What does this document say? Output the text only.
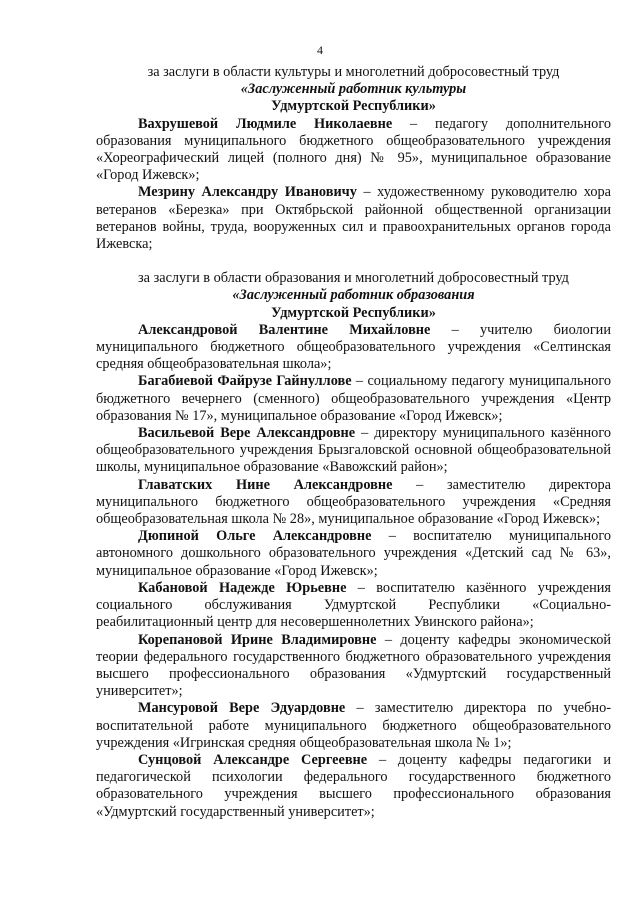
4
за заслуги в области культуры и многолетний добросовестный труд
«Заслуженный работник культуры
Удмуртской Республики»

Вахрушевой Людмиле Николаевне – педагогу дополнительного образования муниципального бюджетного общеобразовательного учреждения «Хореографический лицей (полного дня) № 95», муниципальное образование «Город Ижевск»;

Мезрину Александру Ивановичу – художественному руководителю хора ветеранов «Березка» при Октябрьской районной общественной организации ветеранов войны, труда, вооруженных сил и правоохранительных органов города Ижевска;

за заслуги в области образования и многолетний добросовестный труд
«Заслуженный работник образования
Удмуртской Республики»

Александровой Валентине Михайловне – учителю биологии муниципального бюджетного общеобразовательного учреждения «Селтинская средняя общеобразовательная школа»;

Багабиевой Файрузе Гайнуллове – социальному педагогу муниципального бюджетного вечернего (сменного) общеобразовательного учреждения «Центр образования № 17», муниципальное образование «Город Ижевск»;

Васильевой Вере Александровне – директору муниципального казённого общеобразовательного учреждения Брызгаловской основной общеобразовательной школы, муниципальное образование «Вавожский район»;

Главатских Нине Александровне – заместителю директора муниципального бюджетного общеобразовательного учреждения «Средняя общеобразовательная школа № 28», муниципальное образование «Город Ижевск»;

Дюпиной Ольге Александровне – воспитателю муниципального автономного дошкольного образовательного учреждения «Детский сад № 63», муниципальное образование «Город Ижевск»;

Кабановой Надежде Юрьевне – воспитателю казённого учреждения социального обслуживания Удмуртской Республики «Социально-реабилитационный центр для несовершеннолетних Увинского района»;

Корепановой Ирине Владимировне – доценту кафедры экономической теории федерального государственного бюджетного образовательного учреждения высшего профессионального образования «Удмуртский государственный университет»;

Мансуровой Вере Эдуардовне – заместителю директора по учебно-воспитательной работе муниципального бюджетного общеобразовательного учреждения «Игринская средняя общеобразовательная школа № 1»;

Сунцовой Александре Сергеевне – доценту кафедры педагогики и педагогической психологии федерального государственного бюджетного образовательного учреждения высшего профессионального образования «Удмуртский государственный университет»;
